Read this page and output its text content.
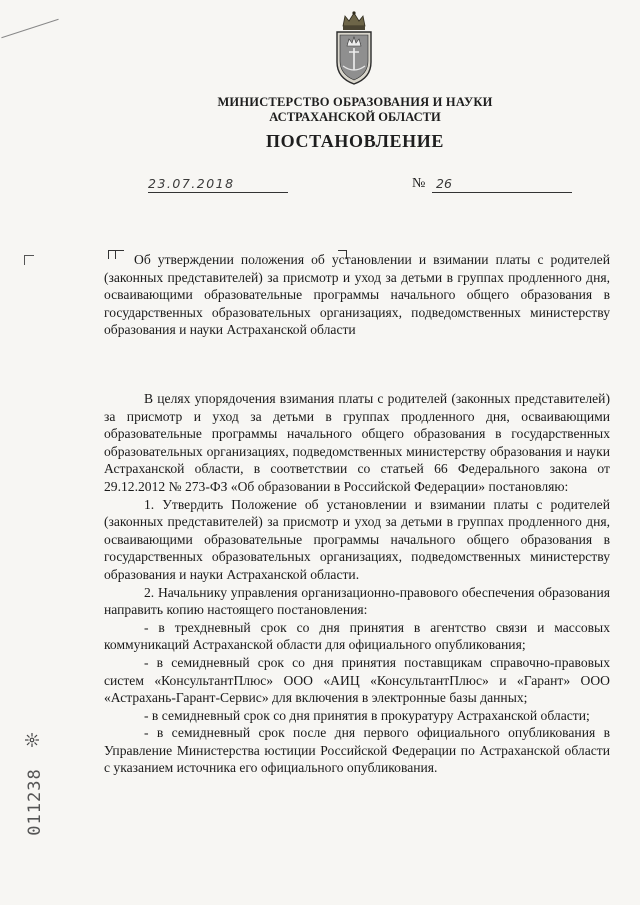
МИНИСТЕРСТВО ОБРАЗОВАНИЯ И НАУКИ
АСТРАХАНСКОЙ ОБЛАСТИ
ПОСТАНОВЛЕНИЕ
23.07.2018	№ 26
Об утверждении положения об установлении и взимании платы с родителей (законных представителей) за присмотр и уход за детьми в группах продленного дня, осваивающими образовательные программы начального общего образования в государственных образовательных организациях, подведомственных министерству образования и науки Астраханской области

В целях упорядочения взимания платы с родителей (законных представителей) за присмотр и уход за детьми в группах продленного дня, осваивающими образовательные программы начального общего образования в государственных образовательных организациях, подведомственных министерству образования и науки Астраханской области, в соответствии со статьей 66 Федерального закона от 29.12.2012 № 273-ФЗ «Об образовании в Российской Федерации» постановляю:

1. Утвердить Положение об установлении и взимании платы с родителей (законных представителей) за присмотр и уход за детьми в группах продленного дня, осваивающими образовательные программы начального общего образования в государственных образовательных организациях, подведомственных министерству образования и науки Астраханской области.

2. Начальнику управления организационно-правового обеспечения образования направить копию настоящего постановления:

- в трехдневный срок со дня принятия в агентство связи и массовых коммуникаций Астраханской области для официального опубликования;

- в семидневный срок со дня принятия поставщикам справочно-правовых систем «КонсультантПлюс» ООО «АИЦ «КонсультантПлюс» и «Гарант» ООО «Астрахань-Гарант-Сервис» для включения в электронные базы данных;

- в семидневный срок со дня принятия в прокуратуру Астраханской области;

- в семидневный срок после дня первого официального опубликования в Управление Министерства юстиции Российской Федерации по Астраханской области с указанием источника его официального опубликования.

011238
